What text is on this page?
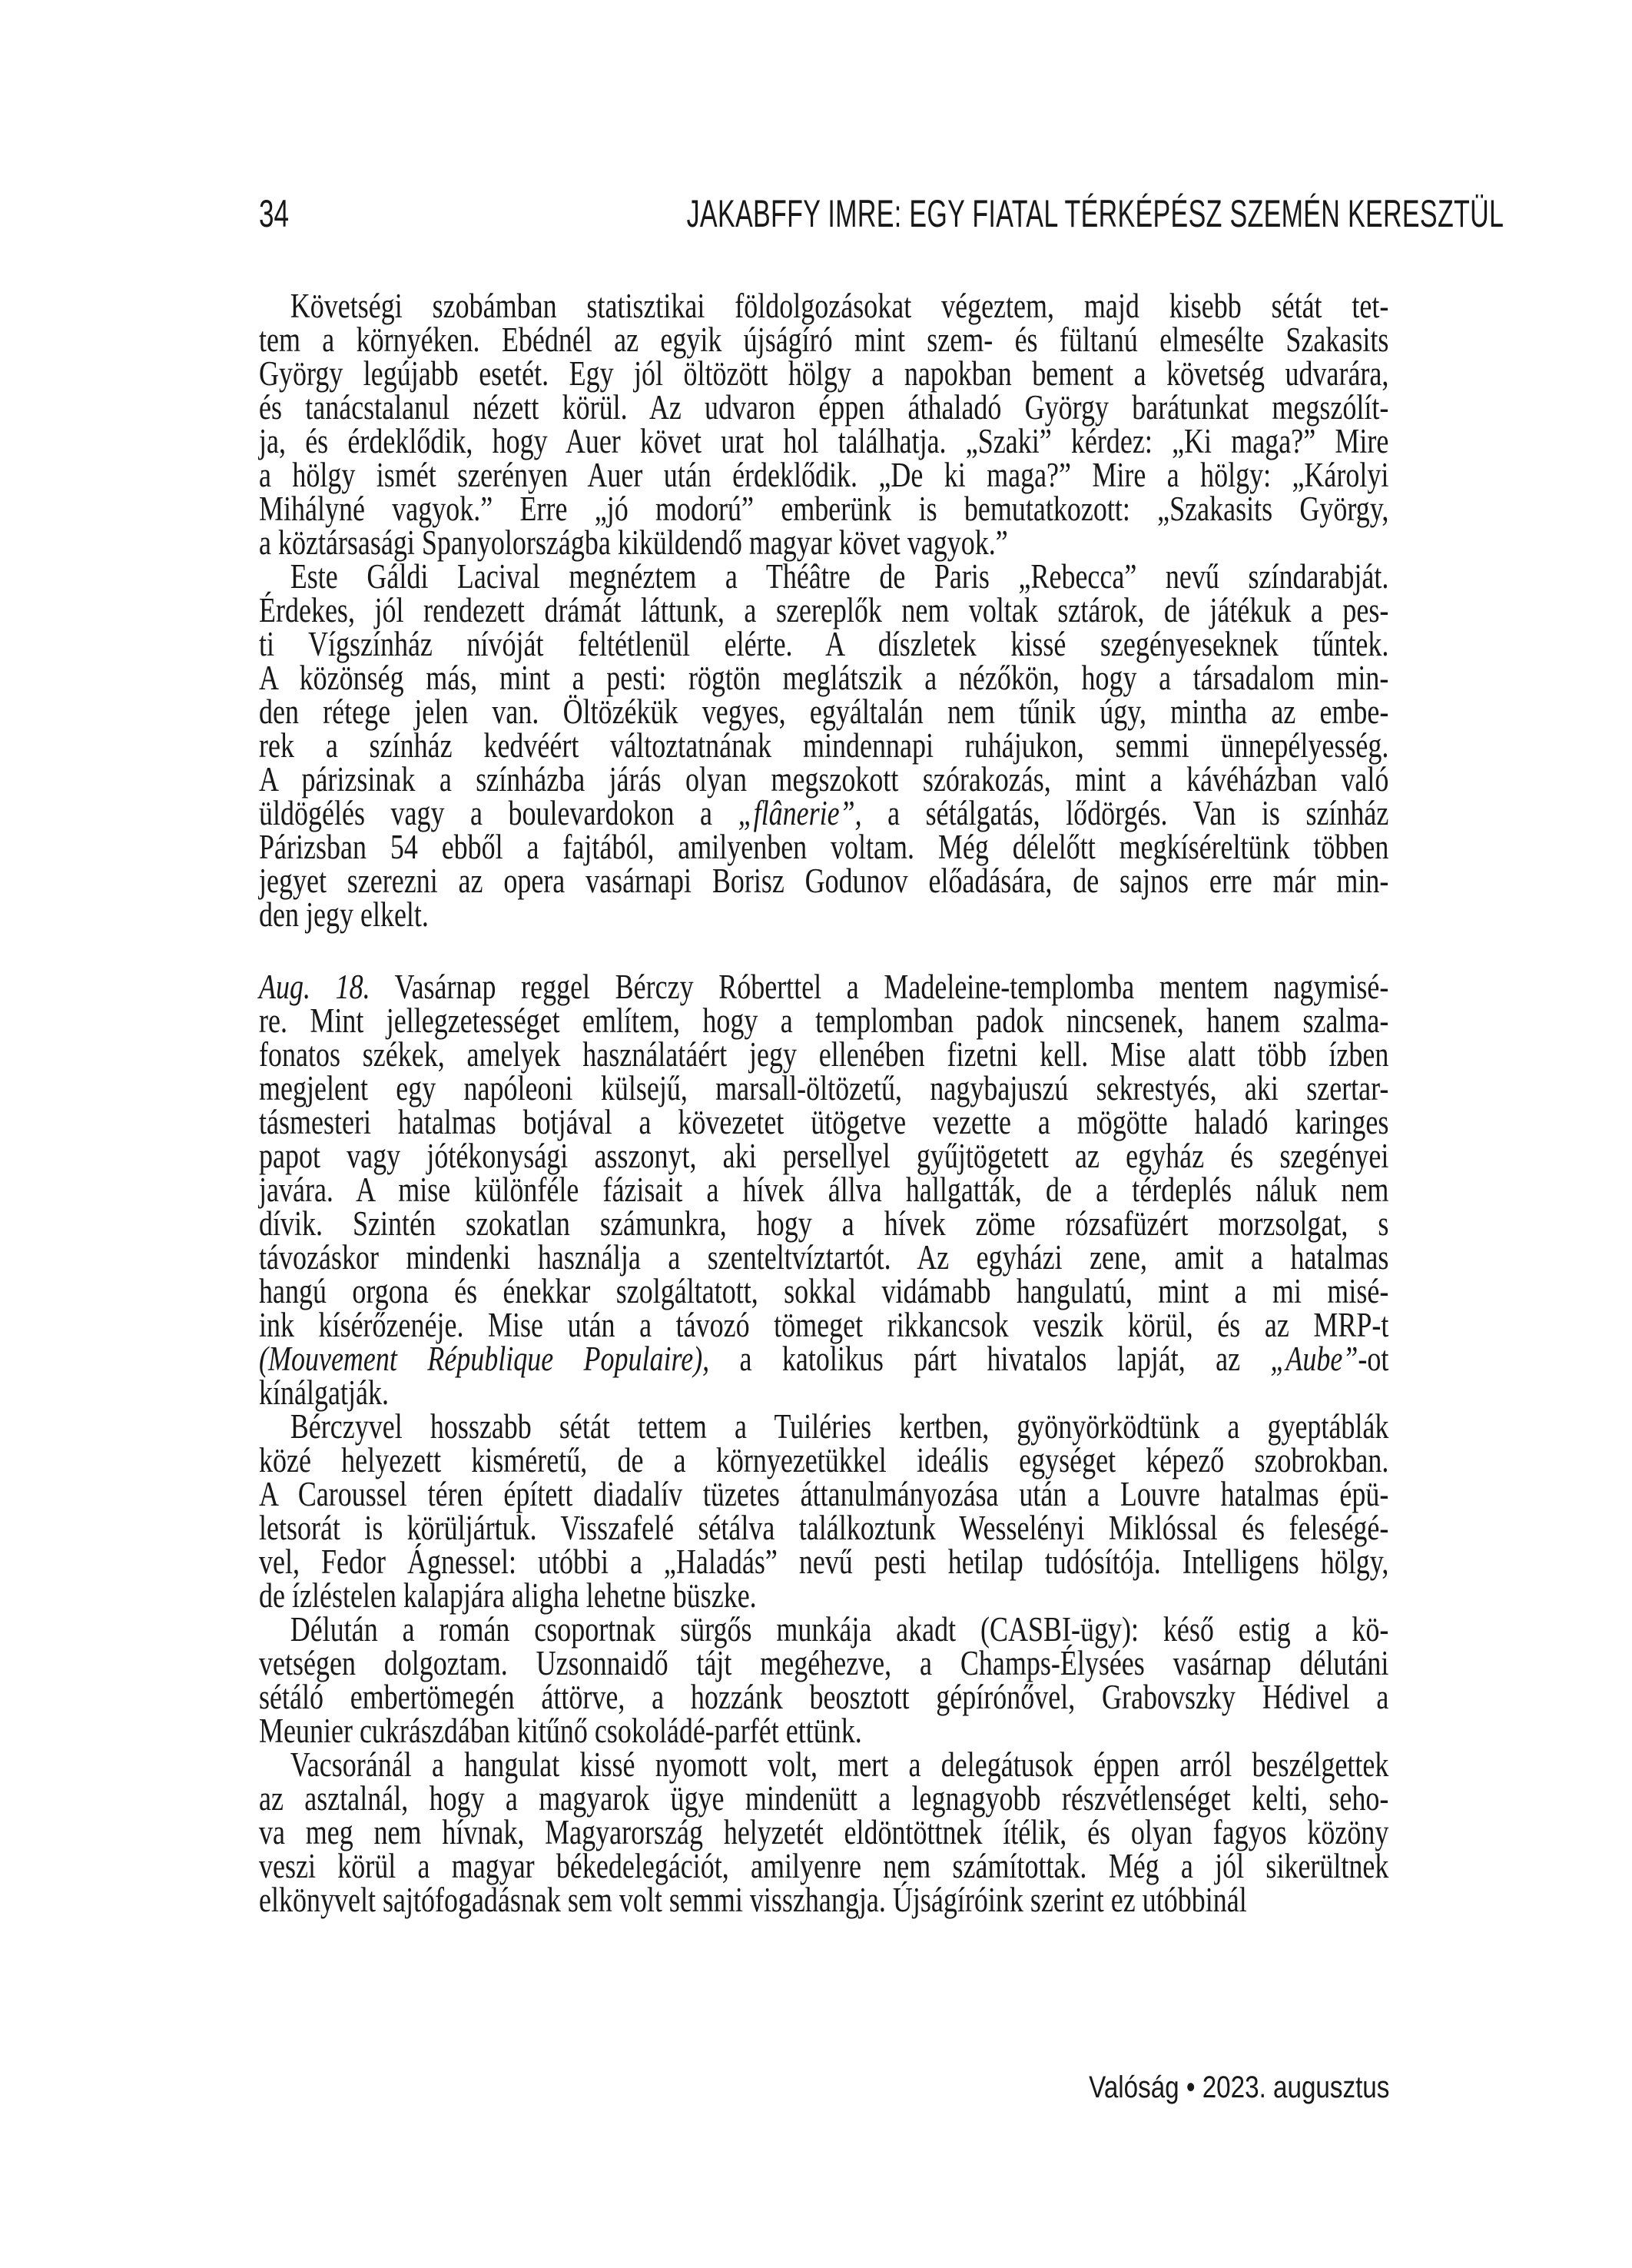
34	JAKABFFY IMRE: EGY FIATAL TÉRKÉPÉSZ SZEMÉN KERESZTÜL
Követségi szobámban statisztikai földolgozásokat végeztem, majd kisebb sétát tet-
tem a környéken. Ebédnél az egyik újságíró mint szem- és fültanú elmesélte Szakasits
György legújabb esetét. Egy jól öltözött hölgy a napokban bement a követség udvarára,
és tanácstalanul nézett körül. Az udvaron éppen áthaladó György barátunkat megszólít-
ja, és érdeklődik, hogy Auer követ urat hol találhatja. „Szaki” kérdez: „Ki maga?” Mire
a hölgy ismét szerényen Auer után érdeklődik. „De ki maga?” Mire a hölgy: „Károlyi
Mihályné vagyok.” Erre „jó modorú” emberünk is bemutatkozott: „Szakasits György,
a köztársasági Spanyolországba kiküldendő magyar követ vagyok.”
Este Gáldi Lacival megnéztem a Théâtre de Paris „Rebecca” nevű színdarabját.
Érdekes, jól rendezett drámát láttunk, a szereplők nem voltak sztárok, de játékuk a pes-
ti Vígszínház nívóját feltétlenül elérte. A díszletek kissé szegényeseknek tűntek.
A közönség más, mint a pesti: rögtön meglátszik a nézőkön, hogy a társadalom min-
den rétege jelen van. Öltözékük vegyes, egyáltalán nem tűnik úgy, mintha az embe-
rek a színház kedvéért változtatnának mindennapi ruhájukon, semmi ünnepélyesség.
A párizsinak a színházba járás olyan megszokott szórakozás, mint a kávéházban való
üldögélés vagy a boulevardokon a „flânerie”, a sétálgatás, lődörgés. Van is színház
Párizsban 54 ebből a fajtából, amilyenben voltam. Még délelőtt megkíséreltünk többen
jegyet szerezni az opera vasárnapi Borisz Godunov előadására, de sajnos erre már min-
den jegy elkelt.
Aug. 18. Vasárnap reggel Bérczy Róberttel a Madeleine-templomba mentem nagymisé-
re. Mint jellegzetességet említem, hogy a templomban padok nincsenek, hanem szalma-
fonatos székek, amelyek használatáért jegy ellenében fizetni kell. Mise alatt több ízben
megjelent egy napóleoni külsejű, marsall-öltözetű, nagybajuszú sekrestyés, aki szertar-
tásmesteri hatalmas botjával a kövezetet ütögetve vezette a mögötte haladó karinges
papot vagy jótékonysági asszonyt, aki persellyel gyűjtögetett az egyház és szegényei
javára. A mise különféle fázisait a hívek állva hallgatták, de a térdeplés náluk nem
dívik. Szintén szokatlan számunkra, hogy a hívek zöme rózsafüzért morzsolgat, s
távozáskor mindenki használja a szenteltvíztartót. Az egyházi zene, amit a hatalmas
hangú orgona és énekkar szolgáltatott, sokkal vidámabb hangulatú, mint a mi misé-
ink kísérőzenéje. Mise után a távozó tömeget rikkancsok veszik körül, és az MRP-t
(Mouvement République Populaire), a katolikus párt hivatalos lapját, az „Aube”-ot
kínálgatják.
Bérczyvel hosszabb sétát tettem a Tuiléries kertben, gyönyörködtünk a gyeptáblák
közé helyezett kisméretű, de a környezetükkel ideális egységet képező szobrokban.
A Caroussel téren épített diadalív tüzetes áttanulmányozása után a Louvre hatalmas épü-
letsorát is körüljártuk. Visszafelé sétálva találkoztunk Wesselényi Miklóssal és feleségé-
vel, Fedor Ágnessel: utóbbi a „Haladás” nevű pesti hetilap tudósítója. Intelligens hölgy,
de ízléstelen kalapjára aligha lehetne büszke.
Délután a román csoportnak sürgős munkája akadt (CASBI-ügy): késő estig a kö-
vetségen dolgoztam. Uzsonnaidő tájt megéhezve, a Champs-Élysées vasárnap délutáni
sétáló embertömegén áttörve, a hozzánk beosztott gépírónővel, Grabovszky Hédivel a
Meunier cukrászdában kitűnő csokoládé-parfét ettünk.
Vacsoránál a hangulat kissé nyomott volt, mert a delegátusok éppen arról beszélgettek
az asztalnál, hogy a magyarok ügye mindenütt a legnagyobb részvétlenséget kelti, seho-
va meg nem hívnak, Magyarország helyzetét eldöntöttnek ítélik, és olyan fagyos közöny
veszi körül a magyar békedelegációt, amilyenre nem számítottak. Még a jól sikerültnek
elkönyvelt sajtófogadásnak sem volt semmi visszhangja. Újságíróink szerint ez utóbbinál
Valóság • 2023. augusztus
